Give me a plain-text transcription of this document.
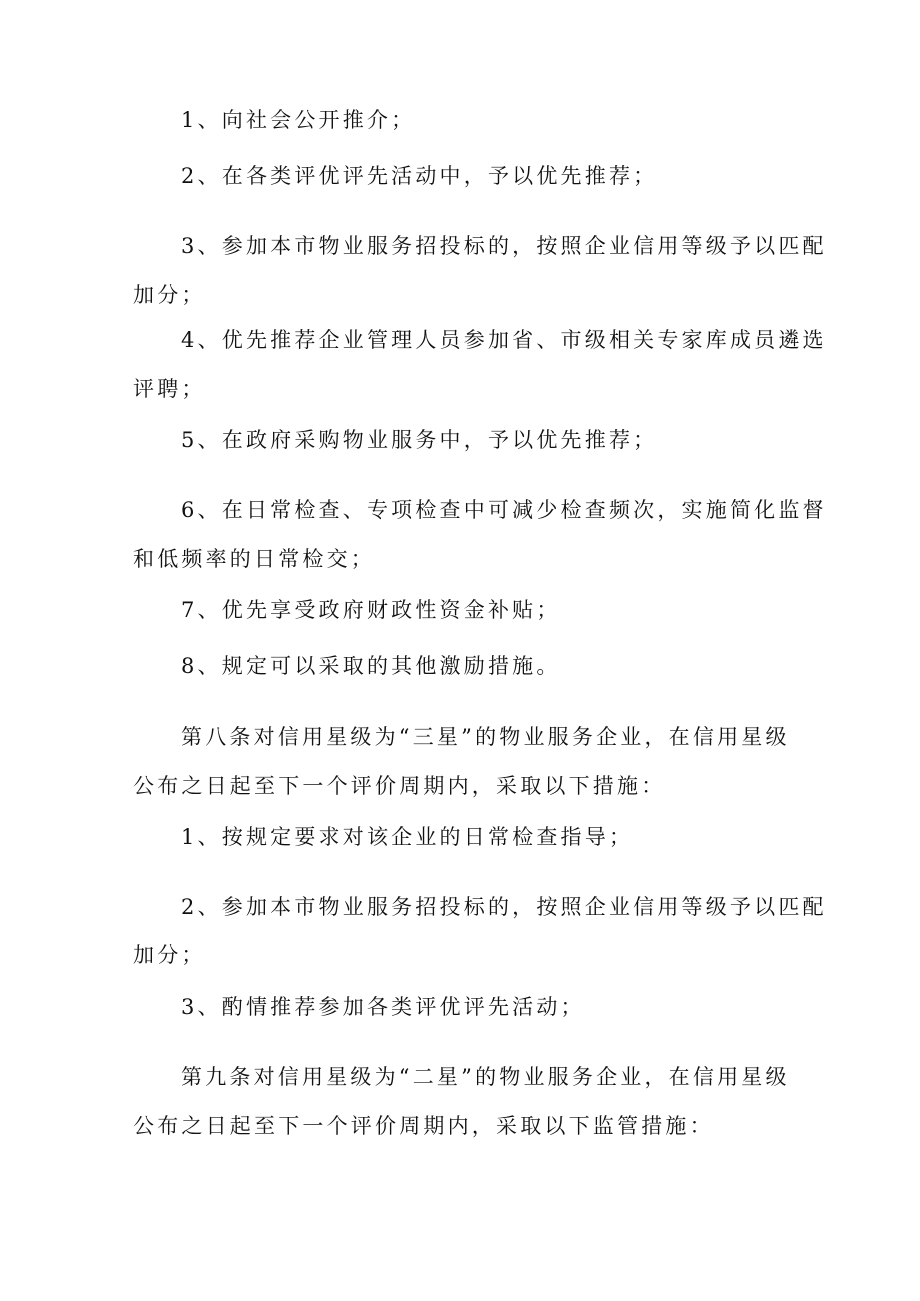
1、向社会公开推介；
2、在各类评优评先活动中，予以优先推荐；
3、参加本市物业服务招投标的，按照企业信用等级予以匹配
加分；
4、优先推荐企业管理人员参加省、市级相关专家库成员遴选
评聘；
5、在政府采购物业服务中，予以优先推荐；
6、在日常检查、专项检查中可减少检查频次，实施简化监督
和低频率的日常检交；
7、优先享受政府财政性资金补贴；
8、规定可以采取的其他激励措施。
第八条对信用星级为“三星”的物业服务企业，在信用星级
公布之日起至下一个评价周期内，采取以下措施：
1、按规定要求对该企业的日常检查指导；
2、参加本市物业服务招投标的，按照企业信用等级予以匹配
加分；
3、酌情推荐参加各类评优评先活动；
第九条对信用星级为“二星”的物业服务企业，在信用星级
公布之日起至下一个评价周期内，采取以下监管措施：
